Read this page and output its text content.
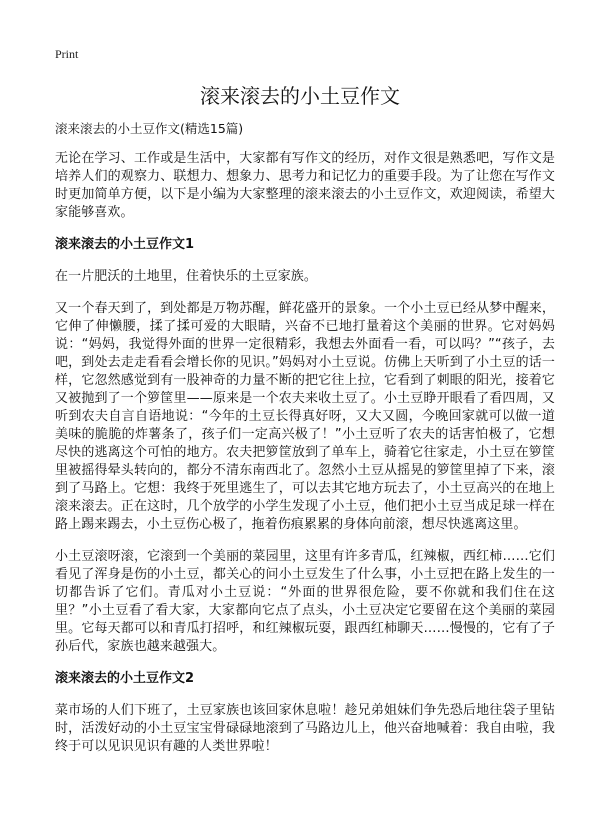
Print
滚来滚去的小土豆作文

滚来滚去的小土豆作文(精选15篇)

无论在学习、工作或是生活中，大家都有写作文的经历，对作文很是熟悉吧，写作文是培养人们的观察力、联想力、想象力、思考力和记忆力的重要手段。为了让您在写作文时更加简单方便，以下是小编为大家整理的滚来滚去的小土豆作文，欢迎阅读，希望大家能够喜欢。

滚来滚去的小土豆作文1

在一片肥沃的土地里，住着快乐的土豆家族。

又一个春天到了，到处都是万物苏醒，鲜花盛开的景象。一个小土豆已经从梦中醒来，它伸了伸懒腰，揉了揉可爱的大眼睛，兴奋不已地打量着这个美丽的世界。它对妈妈说：“妈妈，我觉得外面的世界一定很精彩，我想去外面看一看，可以吗？”“孩子，去吧，到处去走走看看会增长你的见识。”妈妈对小土豆说。仿佛上天听到了小土豆的话一样，它忽然感觉到有一股神奇的力量不断的把它往上拉，它看到了刺眼的阳光，接着它又被抛到了一个箩筐里——原来是一个农夫来收土豆了。小土豆睁开眼看了看四周，又听到农夫自言自语地说：“今年的土豆长得真好呀，又大又圆，今晚回家就可以做一道美味的脆脆的炸薯条了，孩子们一定高兴极了！”小土豆听了农夫的话害怕极了，它想尽快的逃离这个可怕的地方。农夫把箩筐放到了单车上，骑着它往家走，小土豆在箩筐里被摇得晕头转向的，都分不清东南西北了。忽然小土豆从摇晃的箩筐里掉了下来，滚到了马路上。它想：我终于死里逃生了，可以去其它地方玩去了，小土豆高兴的在地上滚来滚去。正在这时，几个放学的小学生发现了小土豆，他们把小土豆当成足球一样在路上踢来踢去，小土豆伤心极了，拖着伤痕累累的身体向前滚，想尽快逃离这里。

小土豆滚呀滚，它滚到一个美丽的菜园里，这里有许多青瓜，红辣椒，西红柿……它们看见了浑身是伤的小土豆，都关心的问小土豆发生了什么事，小土豆把在路上发生的一切都告诉了它们。青瓜对小土豆说：“外面的世界很危险，要不你就和我们住在这里？”小土豆看了看大家，大家都向它点了点头，小土豆决定它要留在这个美丽的菜园里。它每天都可以和青瓜打招呼，和红辣椒玩耍，跟西红柿聊天……慢慢的，它有了子孙后代，家族也越来越强大。

滚来滚去的小土豆作文2

菜市场的人们下班了，土豆家族也该回家休息啦！趁兄弟姐妹们争先恐后地往袋子里钻时，活泼好动的小土豆宝宝骨碌碌地滚到了马路边儿上，他兴奋地喊着：我自由啦，我终于可以见识见识有趣的人类世界啦！
